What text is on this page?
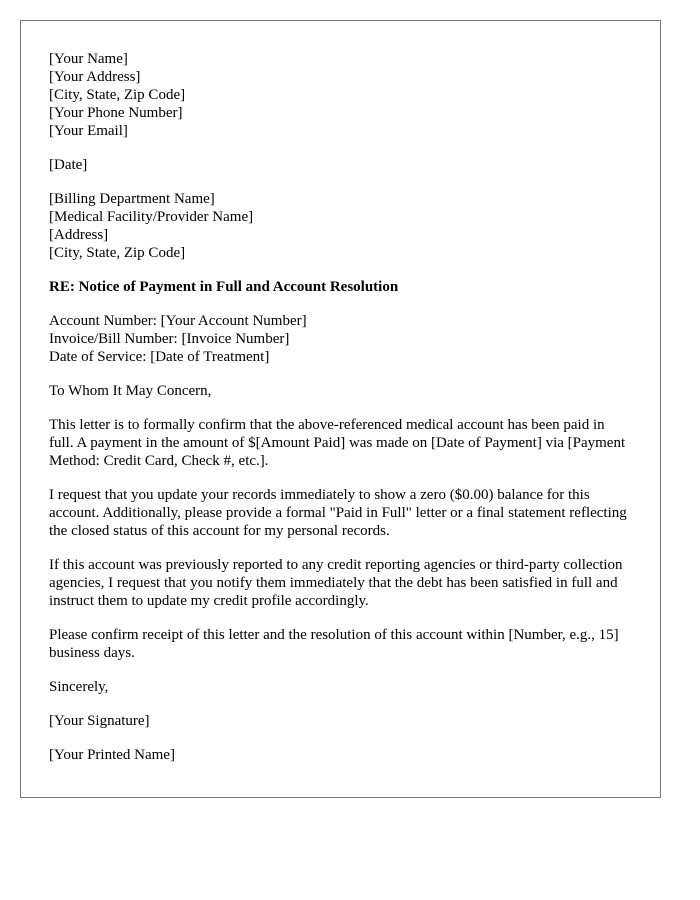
[Your Name]
[Your Address]
[City, State, Zip Code]
[Your Phone Number]
[Your Email]
[Date]
[Billing Department Name]
[Medical Facility/Provider Name]
[Address]
[City, State, Zip Code]
RE: Notice of Payment in Full and Account Resolution
Account Number: [Your Account Number]
Invoice/Bill Number: [Invoice Number]
Date of Service: [Date of Treatment]
To Whom It May Concern,
This letter is to formally confirm that the above-referenced medical account has been paid in full. A payment in the amount of $[Amount Paid] was made on [Date of Payment] via [Payment Method: Credit Card, Check #, etc.].
I request that you update your records immediately to show a zero ($0.00) balance for this account. Additionally, please provide a formal "Paid in Full" letter or a final statement reflecting the closed status of this account for my personal records.
If this account was previously reported to any credit reporting agencies or third-party collection agencies, I request that you notify them immediately that the debt has been satisfied in full and instruct them to update my credit profile accordingly.
Please confirm receipt of this letter and the resolution of this account within [Number, e.g., 15] business days.
Sincerely,
[Your Signature]
[Your Printed Name]
